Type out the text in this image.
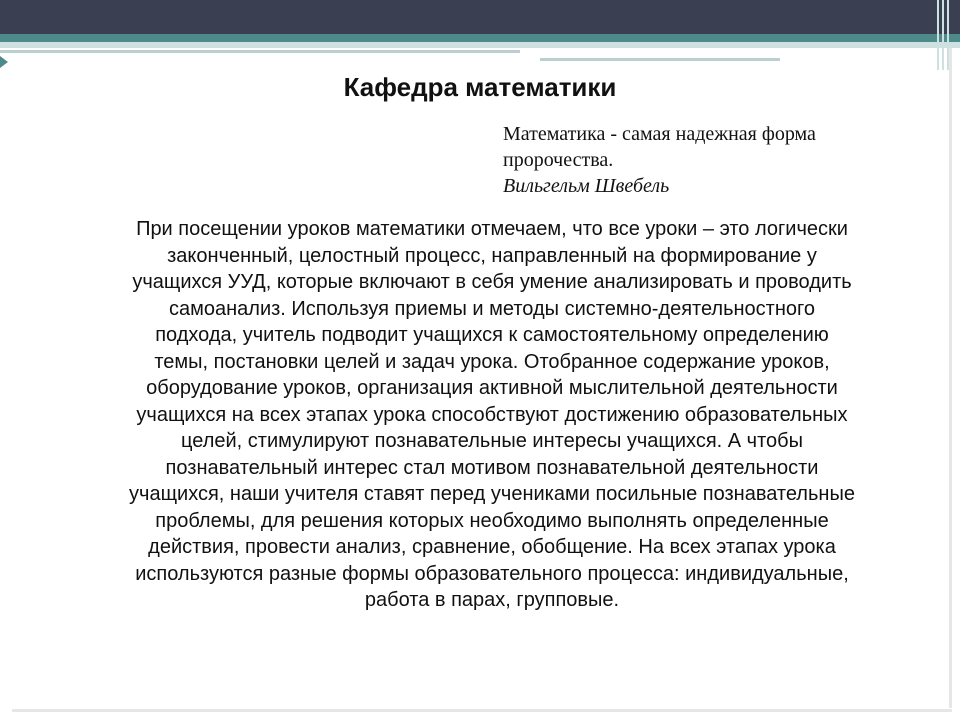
Кафедра математики
Математика - самая надежная форма
пророчества.
Вильгельм Швебель
При посещении уроков математики отмечаем, что все уроки – это логически
законченный, целостный процесс, направленный на формирование у
учащихся УУД, которые включают в себя умение анализировать и проводить
самоанализ. Используя приемы и методы системно-деятельностного
подхода, учитель подводит учащихся к самостоятельному определению
темы, постановки целей и задач урока. Отобранное содержание уроков,
оборудование уроков, организация активной мыслительной деятельности
учащихся на всех этапах урока способствуют достижению образовательных
целей, стимулируют познавательные интересы учащихся. А чтобы
познавательный интерес стал мотивом познавательной деятельности
учащихся, наши учителя ставят перед учениками посильные познавательные
проблемы, для решения которых необходимо выполнять определенные
действия, провести анализ, сравнение, обобщение. На всех этапах урока
используются разные формы образовательного процесса: индивидуальные,
работа в парах, групповые.
